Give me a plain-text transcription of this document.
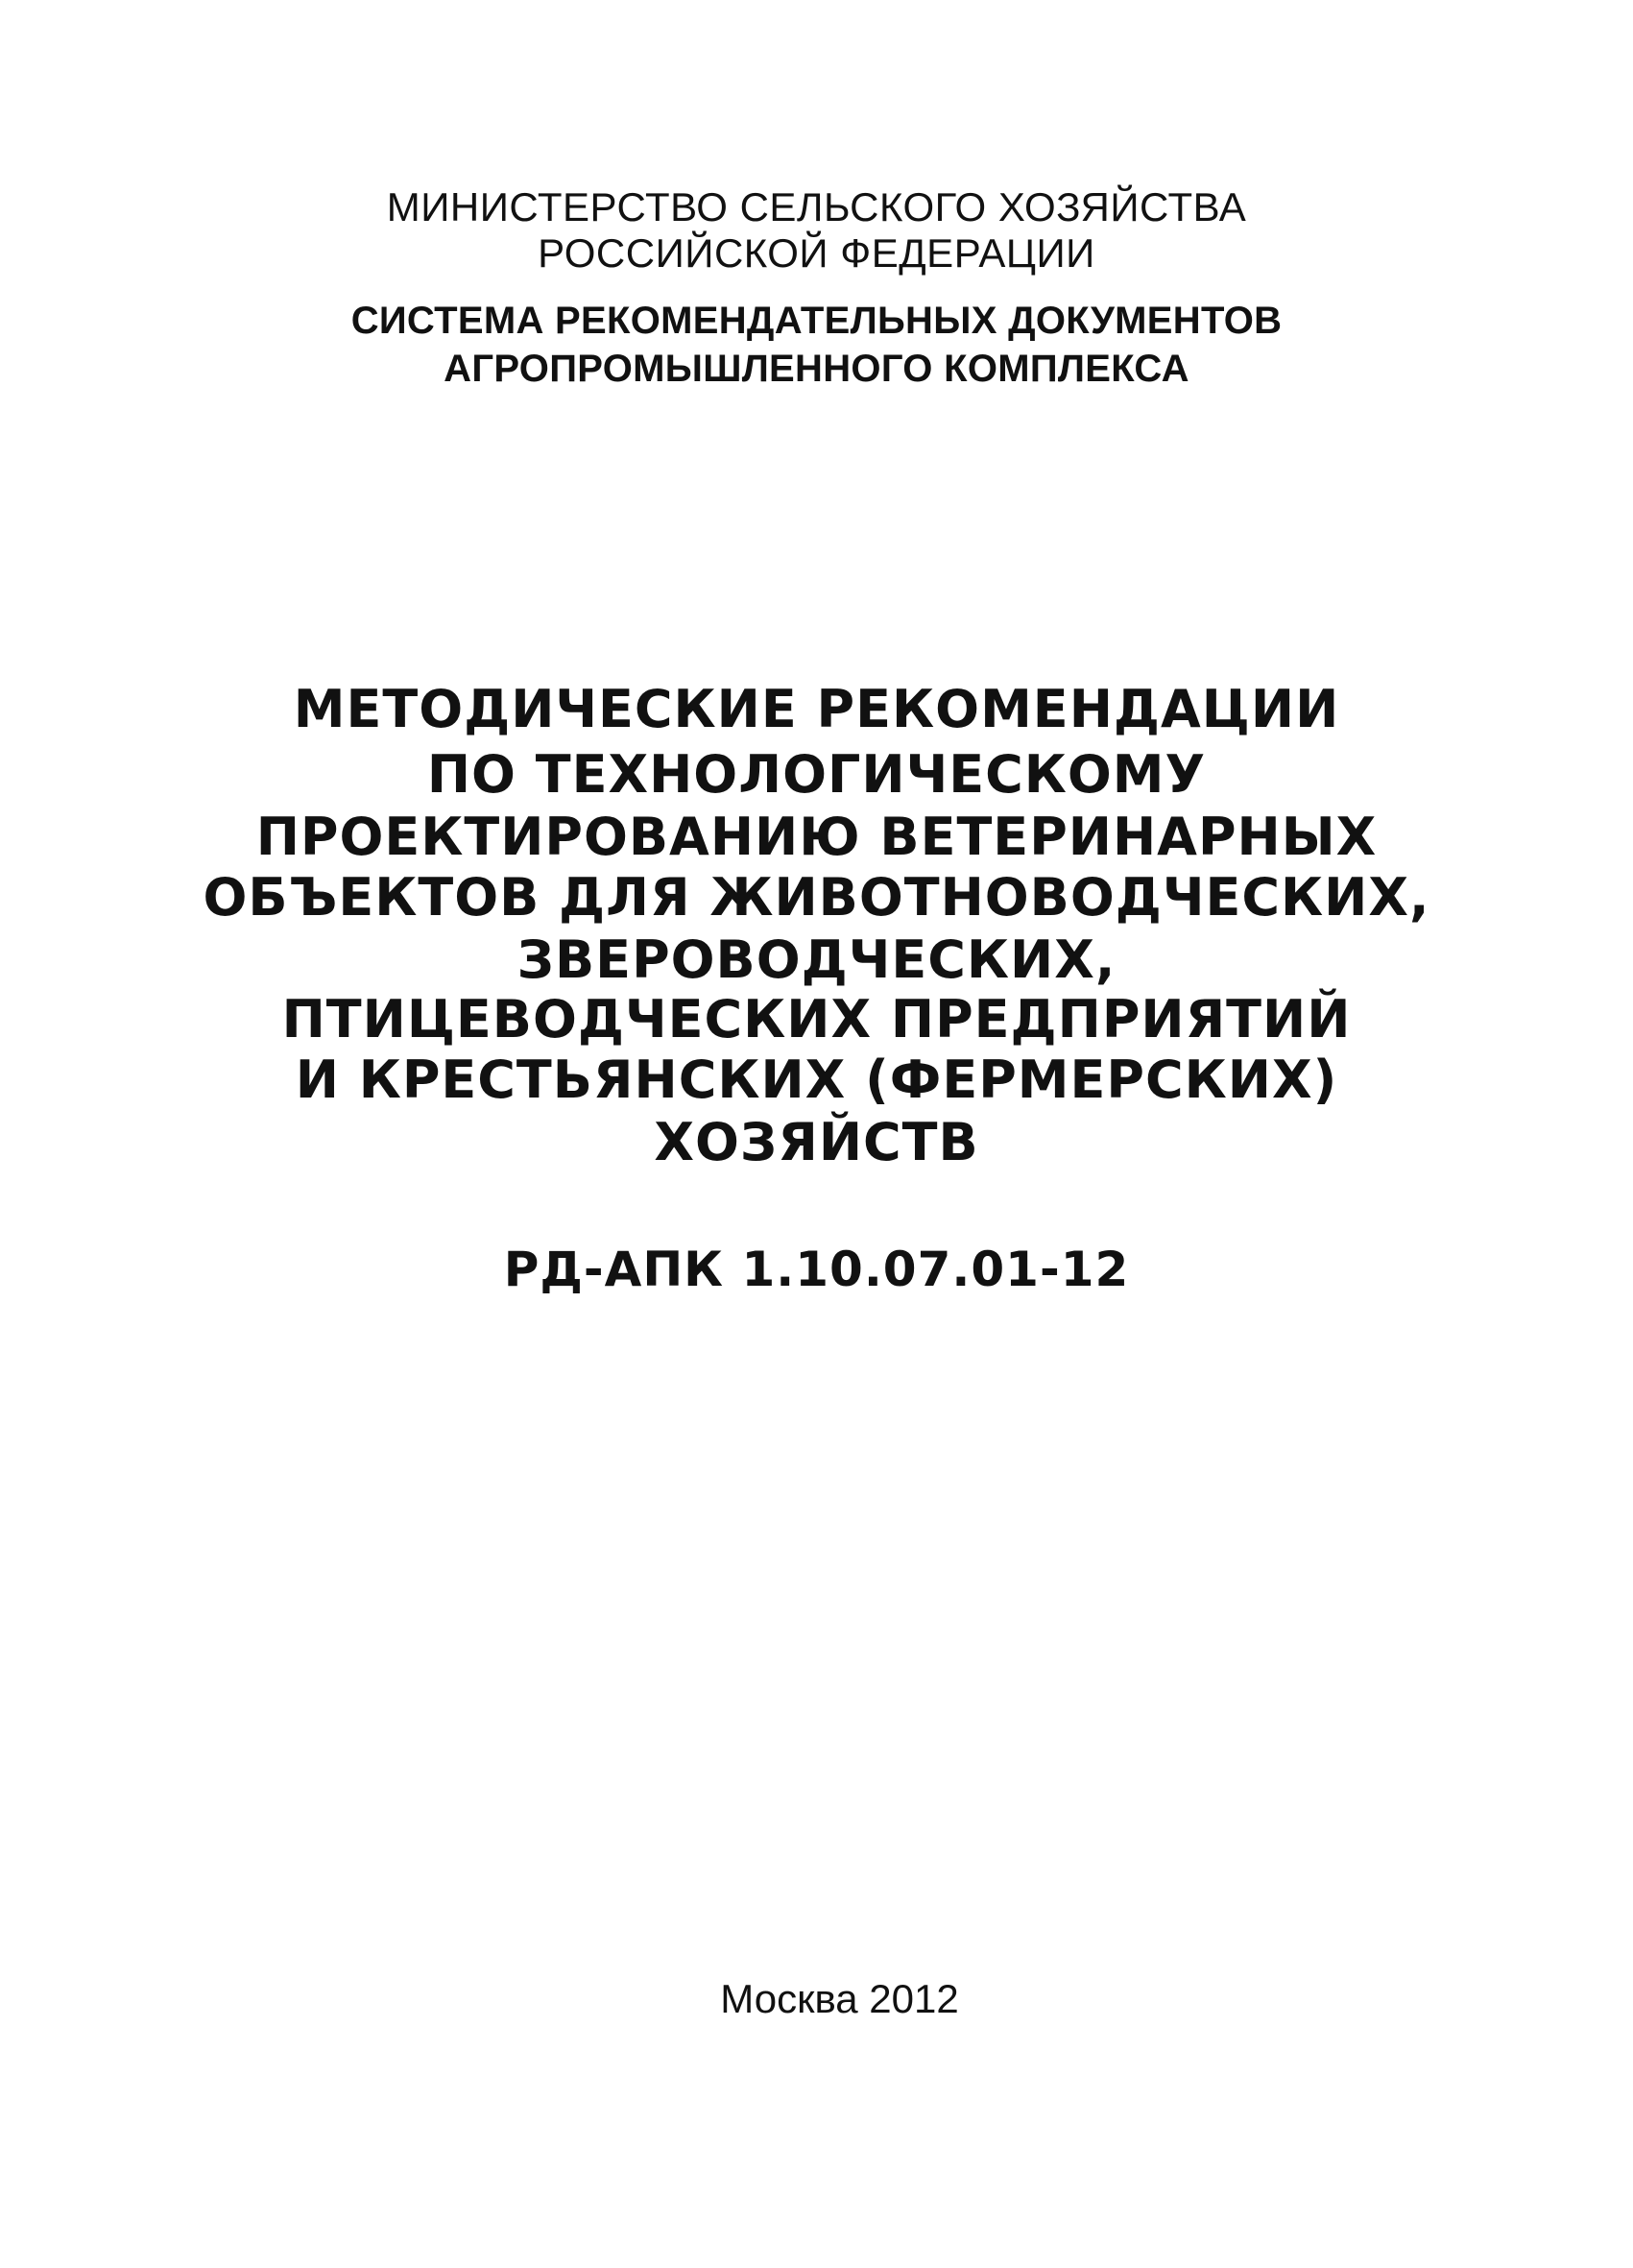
МИНИСТЕРСТВО СЕЛЬСКОГО ХОЗЯЙСТВА
РОССИЙСКОЙ ФЕДЕРАЦИИ
СИСТЕМА РЕКОМЕНДАТЕЛЬНЫХ ДОКУМЕНТОВ
АГРОПРОМЫШЛЕННОГО КОМПЛЕКСА
МЕТОДИЧЕСКИЕ РЕКОМЕНДАЦИИ
ПО ТЕХНОЛОГИЧЕСКОМУ
ПРОЕКТИРОВАНИЮ ВЕТЕРИНАРНЫХ
ОБЪЕКТОВ ДЛЯ ЖИВОТНОВОДЧЕСКИХ,
ЗВЕРОВОДЧЕСКИХ,
ПТИЦЕВОДЧЕСКИХ ПРЕДПРИЯТИЙ
И КРЕСТЬЯНСКИХ (ФЕРМЕРСКИХ)
ХОЗЯЙСТВ
РД-АПК 1.10.07.01-12
Москва 2012
